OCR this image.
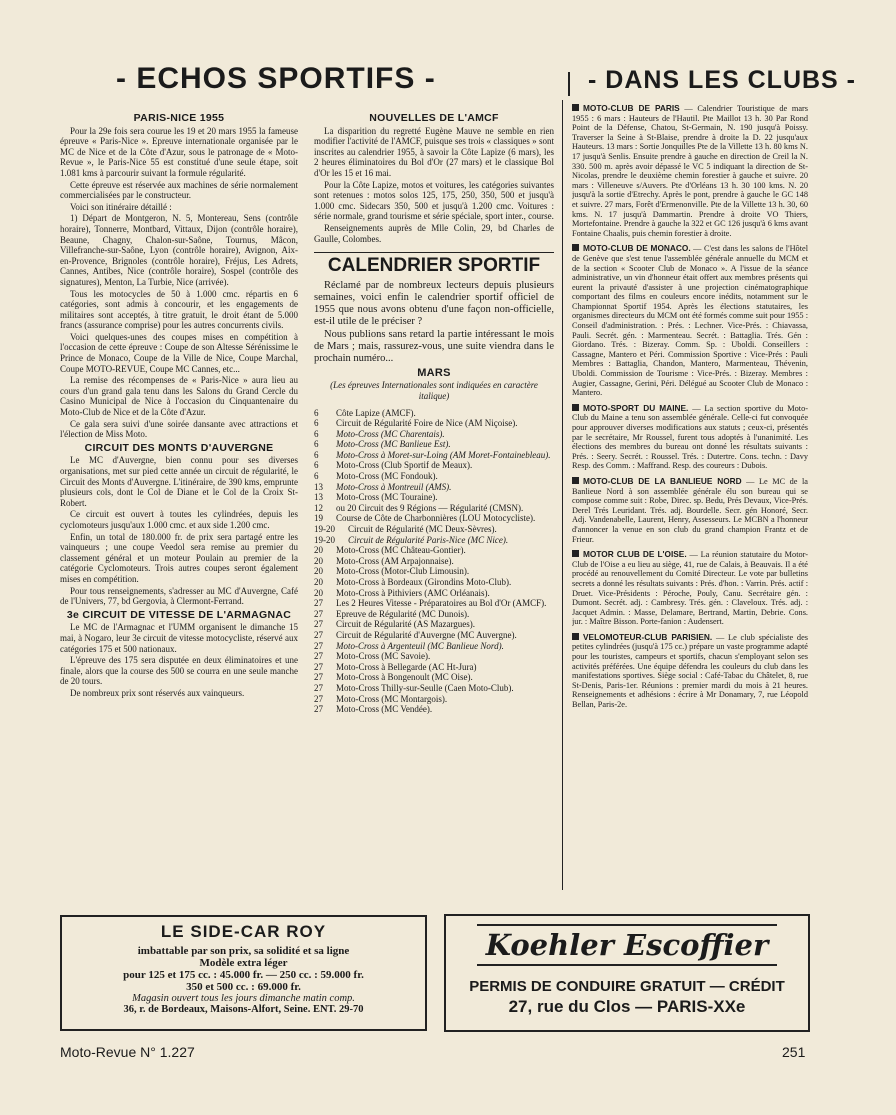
- ECHOS SPORTIFS -	- DANS LES CLUBS -
PARIS-NICE 1955

Pour la 29e fois sera courue les 19 et 20 mars 1955 la fameuse épreuve « Paris-Nice ». Epreuve internationale organisée par le MC de Nice et de la Côte d'Azur, sous le patronage de « Moto-Revue », le Paris-Nice 55 est constitué d'une seule étape, soit 1.081 kms à parcourir suivant la formule régularité.

Cette épreuve est réservée aux machines de série normalement commercialisées par le constructeur.

Voici son itinéraire détaillé :

1) Départ de Montgeron, N. 5, Montereau, Sens (contrôle horaire), Tonnerre, Montbard, Vittaux, Dijon (contrôle horaire), Beaune, Chagny, Chalon-sur-Saône, Tournus, Mâcon, Villefranche-sur-Saône, Lyon (contrôle horaire), Avignon, Aix-en-Provence, Brignoles (contrôle horaire), Fréjus, Les Adrets, Cannes, Antibes, Nice (contrôle horaire), Sospel (contrôle des signatures), Menton, La Turbie, Nice (arrivée).

Tous les motocycles de 50 à 1.000 cmc. répartis en 6 catégories, sont admis à concourir, et les engagements de militaires sont acceptés, à titre gratuit, le droit étant de 5.000 francs (assurance comprise) pour les autres concurrents civils.

Voici quelques-unes des coupes mises en compétition à l'occasion de cette épreuve : Coupe de son Altesse Sérénissime le Prince de Monaco, Coupe de la Ville de Nice, Coupe Marchal, Coupe MOTO-REVUE, Coupe MC Cannes, etc...

La remise des récompenses de « Paris-Nice » aura lieu au cours d'un grand gala tenu dans les Salons du Grand Cercle du Casino Municipal de Nice à l'occasion du Cinquantenaire du Moto-Club de Nice et de la Côte d'Azur.

Ce gala sera suivi d'une soirée dansante avec attractions et l'élection de Miss Moto.

CIRCUIT DES MONTS D'AUVERGNE

Le MC d'Auvergne, bien connu pour ses diverses organisations, met sur pied cette année un circuit de régularité, le Circuit des Monts d'Auvergne. L'itinéraire, de 390 kms, emprunte plusieurs cols, dont le Col de Diane et le Col de la Croix St-Robert.

Ce circuit est ouvert à toutes les cylindrées, depuis les cyclomoteurs jusqu'aux 1.000 cmc. et aux side 1.200 cmc.

Enfin, un total de 180.000 fr. de prix sera partagé entre les vainqueurs ; une coupe Veedol sera remise au premier du classement général et un moteur Poulain au premier de la catégorie Cyclomoteurs. Trois autres coupes seront également mises en compétition.

Pour tous renseignements, s'adresser au MC d'Auvergne, Café de l'Univers, 77, bd Gergovia, à Clermont-Ferrand.

3e CIRCUIT DE VITESSE DE L'ARMAGNAC

Le MC de l'Armagnac et l'UMM organisent le dimanche 15 mai, à Nogaro, leur 3e circuit de vitesse motocycliste, réservé aux catégories 175 et 500 nationaux.

L'épreuve des 175 sera disputée en deux éliminatoires et une finale, alors que la course des 500 se courra en une seule manche de 20 tours.

De nombreux prix sont réservés aux vainqueurs.

NOUVELLES DE L'AMCF

La disparition du regretté Eugène Mauve ne semble en rien modifier l'activité de l'AMCF, puisque ses trois « classiques » sont inscrites au calendrier 1955, à savoir la Côte Lapize (6 mars), les 2 heures éliminatoires du Bol d'Or (27 mars) et le classique Bol d'Or les 15 et 16 mai.

Pour la Côte Lapize, motos et voitures, les catégories suivantes sont retenues : motos solos 125, 175, 250, 350, 500 et jusqu'à 1.000 cmc. Sidecars 350, 500 et jusqu'à 1.200 cmc. Voitures : série normale, grand tourisme et série spéciale, sport inter., course.

Renseignements auprès de Mlle Colin, 29, bd Charles de Gaulle, Colombes.

CALENDRIER SPORTIF

Réclamé par de nombreux lecteurs depuis plusieurs semaines, voici enfin le calendrier sportif officiel de 1955 que nous avons obtenu d'une façon non-officielle, est-il utile de le préciser ?

Nous publions sans retard la partie intéressant le mois de Mars ; mais, rassurez-vous, une suite viendra dans le prochain numéro...

MARS
(Les épreuves Internationales sont indiquées en caractère italique)
6	Côte Lapize (AMCF).
6	Circuit de Régularité Foire de Nice (AM Niçoise).
6	Moto-Cross (MC Charentais).
6	Moto-Cross (MC Banlieue Est).
6	Moto-Cross à Moret-sur-Loing (AM Moret-Fontainebleau).
6	Moto-Cross (Club Sportif de Meaux).
6	Moto-Cross (MC Fondouk).
13	Moto-Cross à Montreuil (AMS).
13	Moto-Cross (MC Touraine).
12	ou 20 Circuit des 9 Régions — Régularité (CMSN).
19	Course de Côte de Charbonnières (LOU Motocycliste).
19-20	Circuit de Régularité (MC Deux-Sèvres).
19-20	Circuit de Régularité Paris-Nice (MC Nice).
20	Moto-Cross (MC Château-Gontier).
20	Moto-Cross (AM Arpajonnaise).
20	Moto-Cross (Motor-Club Limousin).
20	Moto-Cross à Bordeaux (Girondins Moto-Club).
20	Moto-Cross à Pithiviers (AMC Orléanais).
27	Les 2 Heures Vitesse - Préparatoires au Bol d'Or (AMCF).
27	Epreuve de Régularité (MC Dunois).
27	Circuit de Régularité (AS Mazargues).
27	Circuit de Régularité d'Auvergne (MC Auvergne).
27	Moto-Cross à Argenteuil (MC Banlieue Nord).
27	Moto-Cross (MC Savoie).
27	Moto-Cross à Bellegarde (AC Ht-Jura)
27	Moto-Cross à Bongenoult (MC Oise).
27	Moto-Cross Thilly-sur-Seulle (Caen Moto-Club).
27	Moto-Cross (MC Montargois).
27	Moto-Cross (MC Vendée).
MOTO-CLUB DE PARIS — Calendrier Touristique de mars 1955 : 6 mars : Hauteurs de l'Hautil. Pte Maillot 13 h. 30 Par Rond Point de la Défense, Chatou, St-Germain, N. 190 jusqu'à Poissy. Traverser la Seine à St-Blaise, prendre à droite la D. 22 jusqu'aux Hauteurs. 13 mars : Sortie Jonquilles Pte de la Villette 13 h. 80 kms N. 17 jusqu'à Senlis. Ensuite prendre à gauche en direction de Creil la N. 330. 500 m. après avoir dépassé le VC 5 indiquant la direction de St-Nicolas, prendre le deuxième chemin forestier à gauche et suivre. 20 mars : Villeneuve s/Auvers. Pte d'Orléans 13 h. 30 100 kms. N. 20 jusqu'à la sortie d'Etrechy. Après le pont, prendre à gauche le GC 148 et suivre. 27 mars, Forêt d'Ermenonville. Pte de la Villette 13 h. 30, 60 kms. N. 17 jusqu'à Dammartin. Prendre à droite VO Thiers, Mortefontaine. Prendre à gauche la 322 et GC 126 jusqu'à 6 kms avant Fontaine Chaalis, puis chemin forestier à droite.
MOTO-CLUB DE MONACO. — C'est dans les salons de l'Hôtel de Genève que s'est tenue l'assemblée générale annuelle du MCM et de la section « Scooter Club de Monaco ». A l'issue de la séance administrative, un vin d'honneur était offert aux membres présents qui eurent la privauté d'assister à une projection cinématographique comportant des films en couleurs encore inédits, notamment sur le Championnat Sportif 1954. Après les élections statutaires, les organismes directeurs du MCM ont été formés comme suit pour 1955 : Conseil d'administration. : Prés. : Lechner. Vice-Prés. : Chiavassa, Pauli. Secrét. gén. : Marmenteau. Secrét. : Battaglia. Trés. Gén : Giordano. Trés. : Bizeray. Comm. Sp. : Uboldi. Conseillers : Cassagne, Mantero et Péri. Commission Sportive : Vice-Prés : Pauli Membres : Battaglia, Chandon, Mantero, Marmenteau, Thévenin, Uboldi. Commission de Tourisme : Vice-Prés. : Bizeray. Membres : Augier, Cassagne, Gerini, Péri. Délégué au Scooter Club de Monaco : Mantero.
MOTO-SPORT DU MAINE. — La section sportive du Moto-Club du Maine a tenu son assemblée générale. Celle-ci fut convoquée pour approuver diverses modifications aux statuts ; ceux-ci, présentés par le secrétaire, Mr Roussel, furent tous adoptés à l'unanimité. Les élections des membres du bureau ont donné les résultats suivants : Prés. : Seery. Secrét. : Roussel. Trés. : Dutertre. Cons. techn. : Davy Resp. des Comm. : Maffrand. Resp. des coureurs : Dubois.
MOTO-CLUB DE LA BANLIEUE NORD — Le MC de la Banlieue Nord à son assemblée générale élu son bureau qui se compose comme suit : Robe, Direc. sp. Bedu, Prés Devaux, Vice-Prés. Derel Trés Leuridant. Trés. adj. Bourdelle. Secr. gén Honoré, Secr. Adj. Vandenabelle, Laurent, Henry, Assesseurs. Le MCBN a l'honneur d'annoncer la venue en son club du grand champion Frantz et de Frieur.
MOTOR CLUB DE L'OISE. — La réunion statutaire du Motor-Club de l'Oise a eu lieu au siège, 41, rue de Calais, à Beauvais. Il a été procédé au renouvellement du Comité Directeur. Le vote par bulletins secrets a donné les résultats suivants : Prés. d'hon. : Varrin. Prés. actif : Druet. Vice-Présidents : Péroche, Pouly, Canu. Secrétaire gén. : Dumont. Secrét. adj. : Cambresy. Trés. gén. : Claveloux. Trés. adj. : Jacquet Admin. : Masse, Delamare, Bertrand, Martin, Debrie. Cons. jur. : Maître Bisson. Porte-fanion : Audensert.
VELOMOTEUR-CLUB PARISIEN. — Le club spécialiste des petites cylindrées (jusqu'à 175 cc.) prépare un vaste programme adapté pour les touristes, campeurs et sportifs, chacun s'employant selon ses activités préférées. Une équipe défendra les couleurs du club dans les manifestations sportives. Siège social : Café-Tabac du Châtelet, 8, rue St-Denis, Paris-1er. Réunions : premier mardi du mois à 21 heures. Renseignements et adhésions : écrire à Mr Donamary, 7, rue Léopold Bellan, Paris-2e.
LE SIDE-CAR ROY
imbattable par son prix, sa solidité et sa ligne
Modèle extra léger
pour 125 et 175 cc. : 45.000 fr. — 250 cc. : 59.000 fr.
350 et 500 cc. : 69.000 fr.
Magasin ouvert tous les jours dimanche matin comp.
36, r. de Bordeaux, Maisons-Alfort, Seine. ENT. 29-70
Koehler Escoffier
PERMIS DE CONDUIRE GRATUIT — CRÉDIT
27, rue du Clos — PARIS-XXe
Moto-Revue N° 1.227	251
